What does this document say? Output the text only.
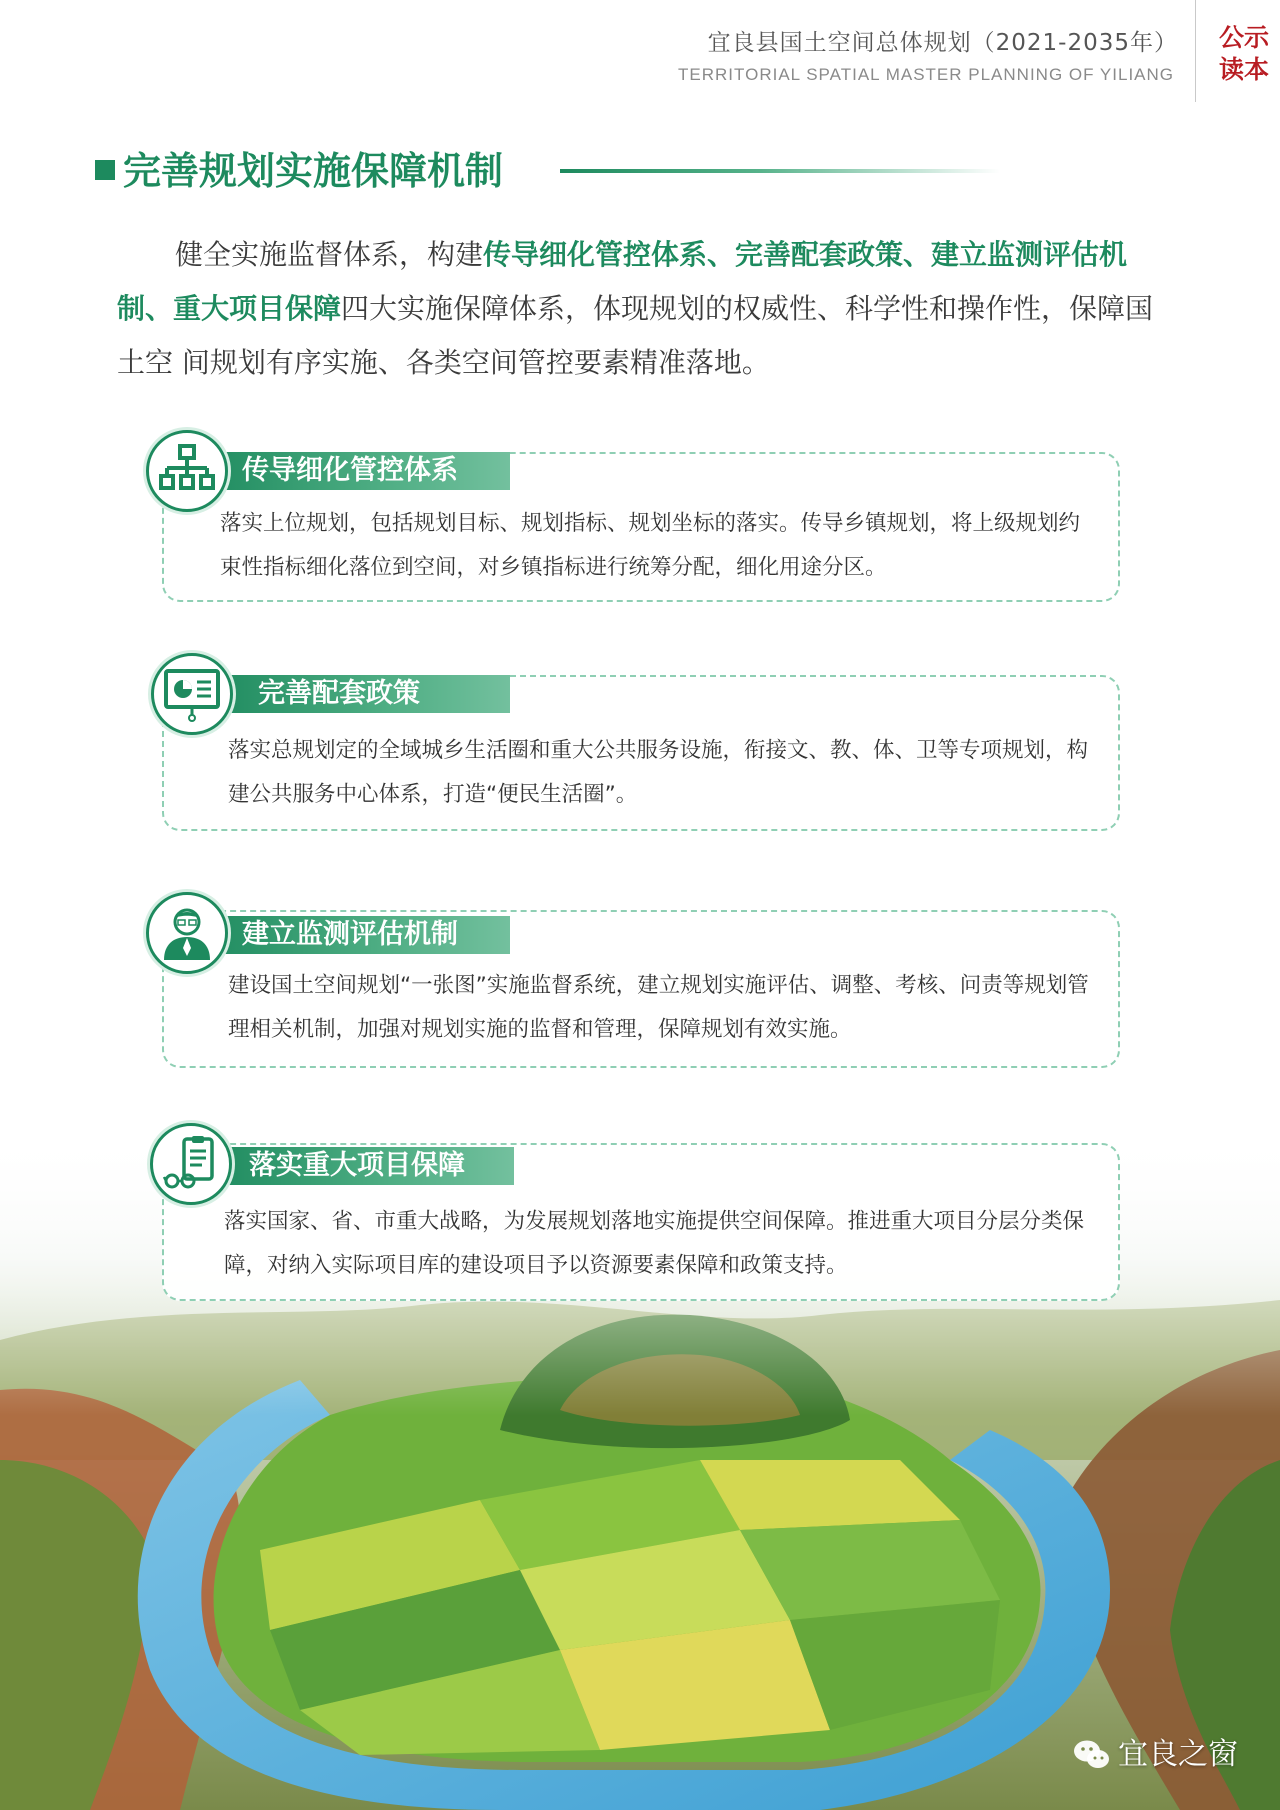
宜良县国土空间总体规划（2021-2035年）
TERRITORIAL SPATIAL MASTER PLANNING OF YILIANG
公示
读本
完善规划实施保障机制

健全实施监督体系，构建传导细化管控体系、完善配套政策、建立监测评估机制、重大项目保障四大实施保障体系，体现规划的权威性、科学性和操作性，保障国土空 间规划有序实施、各类空间管控要素精准落地。

落实上位规划，包括规划目标、规划指标、规划坐标的落实。传导乡镇规划，将上级规划约束性指标细化落位到空间，对乡镇指标进行统筹分配，细化用途分区。

传导细化管控体系

落实总规划定的全域城乡生活圈和重大公共服务设施，衔接文、教、体、卫等专项规划，构建公共服务中心体系，打造“便民生活圈”。

完善配套政策

建设国土空间规划“一张图”实施监督系统，建立规划实施评估、调整、考核、问责等规划管理相关机制，加强对规划实施的监督和管理，保障规划有效实施。

建立监测评估机制

落实国家、省、市重大战略，为发展规划落地实施提供空间保障。推进重大项目分层分类保障，对纳入实际项目库的建设项目予以资源要素保障和政策支持。

落实重大项目保障
宜良之窗
